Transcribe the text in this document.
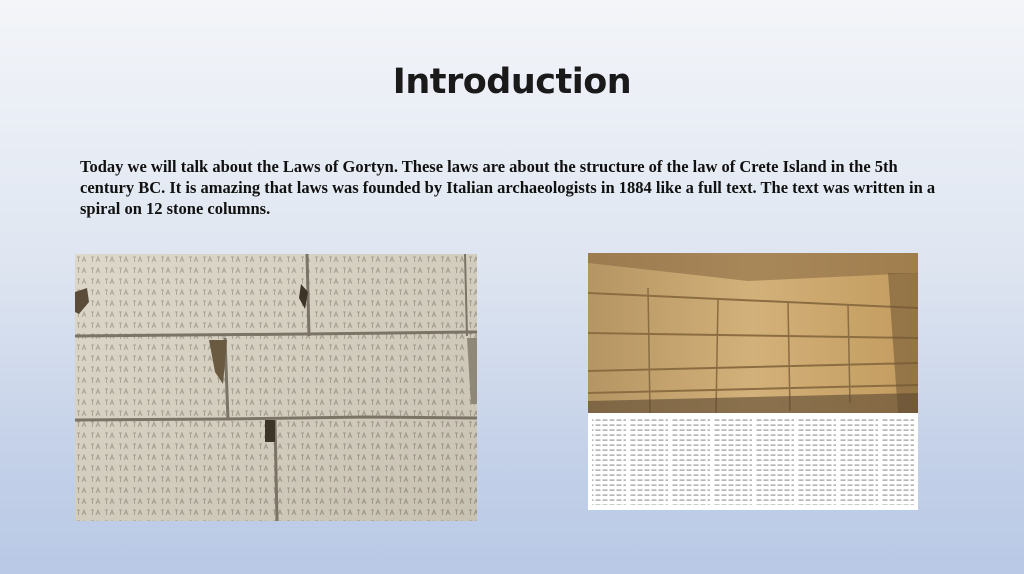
Introduction
Today we will talk about the Laws of Gortyn. These laws are about the structure of the law of Crete Island in the 5th century BC. It is amazing that laws was founded by Italian archaeologists in 1884 like a full text. The text was written in a spiral on 12 stone columns.
